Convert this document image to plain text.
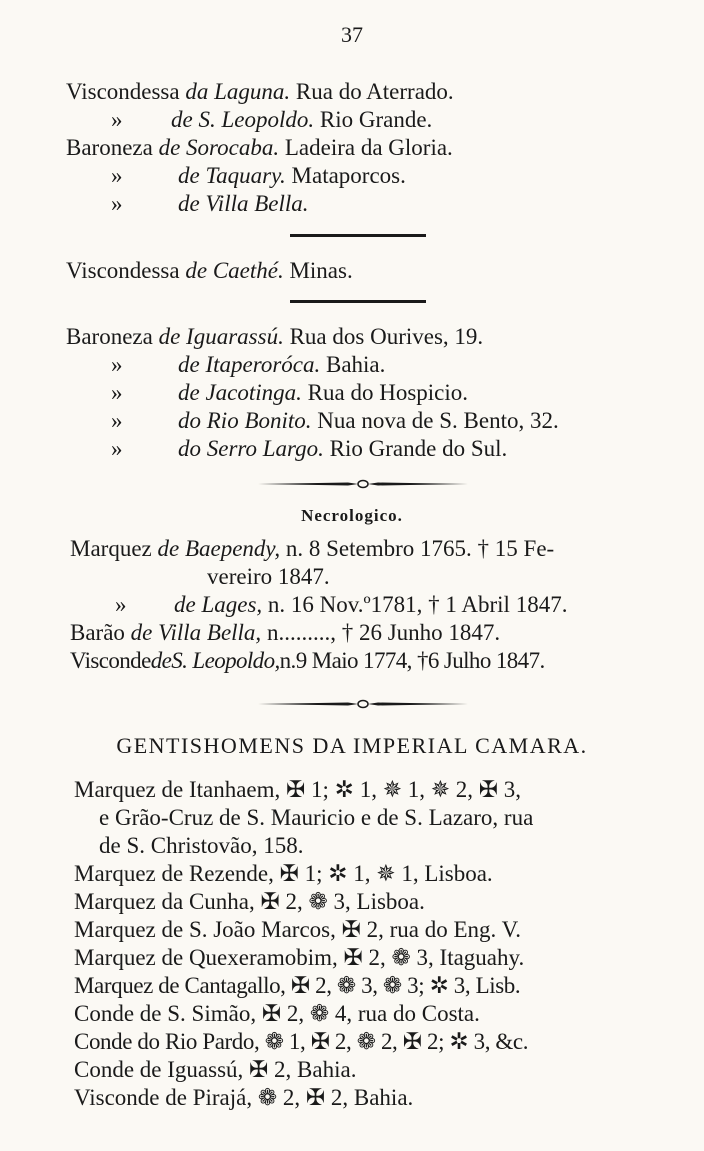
37
Viscondessa da Laguna. Rua do Aterrado.
» de S. Leopoldo. Rio Grande.
Baroneza de Sorocaba. Ladeira da Gloria.
» de Taquary. Mataporcos.
» de Villa Bella.
Viscondessa de Caethé. Minas.
Baroneza de Iguarassú. Rua dos Ourives, 19.
» de Itaperoróca. Bahia.
» de Jacotinga. Rua do Hospicio.
» do Rio Bonito. Nua nova de S. Bento, 32.
» do Serro Largo. Rio Grande do Sul.
Necrologico.
Marquez de Baependy, n. 8 Setembro 1765. † 15 Fe-
vereiro 1847.
» de Lages, n. 16 Nov.º1781, † 1 Abril 1847.
Barão de Villa Bella, n........., † 26 Junho 1847.
ViscondedeS. Leopoldo,n.9 Maio 1774, †6 Julho 1847.
GENTISHOMENS DA IMPERIAL CAMARA.
Marquez de Itanhaem, ✠ 1; ✲ 1, ✵ 1, ✵ 2, ✠ 3,
e Grão-Cruz de S. Mauricio e de S. Lazaro, rua
de S. Christovão, 158.
Marquez de Rezende, ✠ 1; ✲ 1, ✵ 1, Lisboa.
Marquez da Cunha, ✠ 2, ❁ 3, Lisboa.
Marquez de S. João Marcos, ✠ 2, rua do Eng. V.
Marquez de Quexeramobim, ✠ 2, ❁ 3, Itaguahy.
Marquez de Cantagallo, ✠ 2, ❁ 3, ❁ 3; ✲ 3, Lisb.
Conde de S. Simão, ✠ 2, ❁ 4, rua do Costa.
Conde do Rio Pardo, ❁ 1, ✠ 2, ❁ 2, ✠ 2; ✲ 3, &c.
Conde de Iguassú, ✠ 2, Bahia.
Visconde de Pirajá, ❁ 2, ✠ 2, Bahia.
